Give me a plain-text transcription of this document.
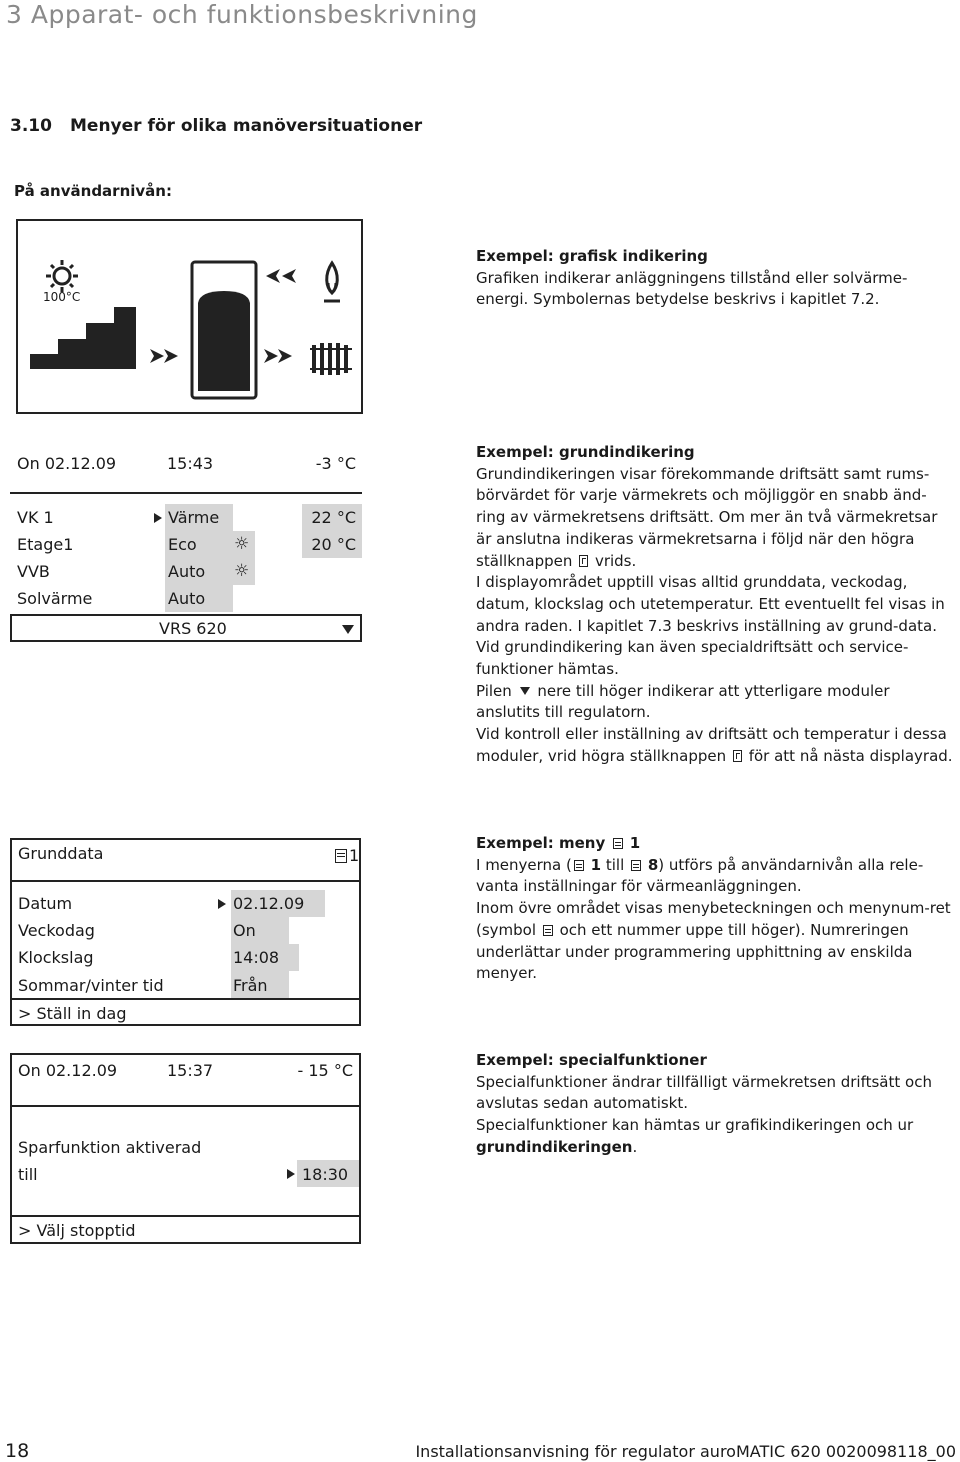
3 Apparat- och funktionsbeskrivning
3.10 Menyer för olika manöversituationer
På användarnivån:
100°C

Exempel: grafisk indikering

Grafiken indikerar anläggningens tillstånd eller solvärme-energi. Symbolernas betydelse beskrivs i kapitlet 7.2.

On 02.12.09	15:43	-3 °C
VK 1	Värme	22 °C
Etage1	Eco ☼	20 °C
VVB	Auto ☼
Solvärme	Auto
VRS 620

Exempel: grundindikering

Grundindikeringen visar förekommande driftsätt samt rums-börvärdet för varje värmekrets och möjliggör en snabb änd-ring av värmekretsens driftsätt. Om mer än två värmekretsar är anslutna indikeras värmekretsarna i följd när den högra ställknappen vrids.

I displayområdet upptill visas alltid grunddata, veckodag, datum, klockslag och utetemperatur. Ett eventuellt fel visas in andra raden. I kapitlet 7.3 beskrivs inställning av grund-data.

Vid grundindikering kan även specialdriftsätt och service-funktioner hämtas.

Pilen nere till höger indikerar att ytterligare moduler anslutits till regulatorn.

Vid kontroll eller inställning av driftsätt och temperatur i dessa moduler, vrid högra ställknappen för att nå nästa displayrad.

Grunddata	1
Datum	02.12.09
Veckodag	On
Klockslag	14:08
Sommar/vinter tid	Från
> Ställ in dag

Exempel: meny 1

I menyerna ( 1 till 8) utförs på användarnivån alla rele-vanta inställningar för värmeanläggningen.

Inom övre området visas menybeteckningen och menynum-ret (symbol och ett nummer uppe till höger). Numreringen underlättar under programmering upphittning av enskilda menyer.

On 02.12.09	15:37	- 15 °C
Sparfunktion aktiverad
till	18:30
> Välj stopptid

Exempel: specialfunktioner

Specialfunktioner ändrar tillfälligt värmekretsen driftsätt och avslutas sedan automatiskt.

Specialfunktioner kan hämtas ur grafikindikeringen och ur grundindikeringen.

18	Installationsanvisning för regulator auroMATIC 620 0020098118_00
